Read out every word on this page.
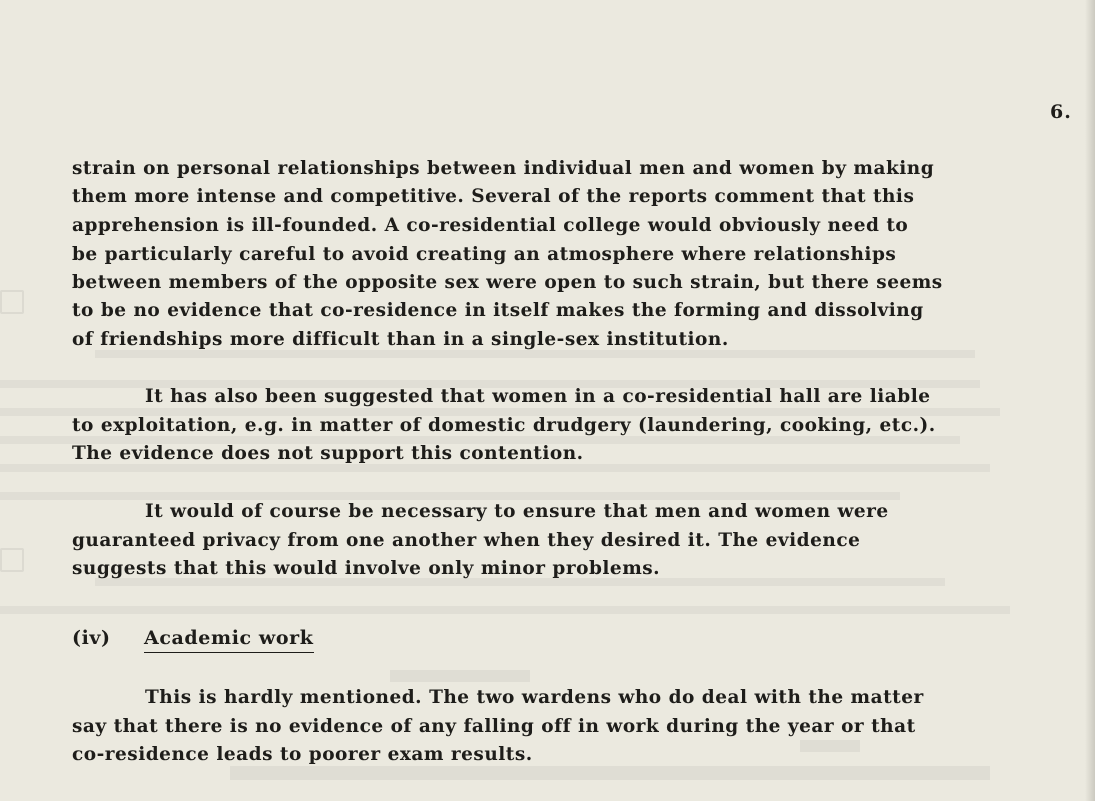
6.
strain on personal relationships between individual men and women by making
them more intense and competitive. Several of the reports comment that this
apprehension is ill-founded. A co-residential college would obviously need to
be particularly careful to avoid creating an atmosphere where relationships
between members of the opposite sex were open to such strain, but there seems
to be no evidence that co-residence in itself makes the forming and dissolving
of friendships more difficult than in a single-sex institution.
It has also been suggested that women in a co-residential hall are liable
to exploitation, e.g. in matter of domestic drudgery (laundering, cooking, etc.).
The evidence does not support this contention.
It would of course be necessary to ensure that men and women were
guaranteed privacy from one another when they desired it. The evidence
suggests that this would involve only minor problems.
(iv) Academic work
This is hardly mentioned. The two wardens who do deal with the matter
say that there is no evidence of any falling off in work during the year or that
co-residence leads to poorer exam results.
